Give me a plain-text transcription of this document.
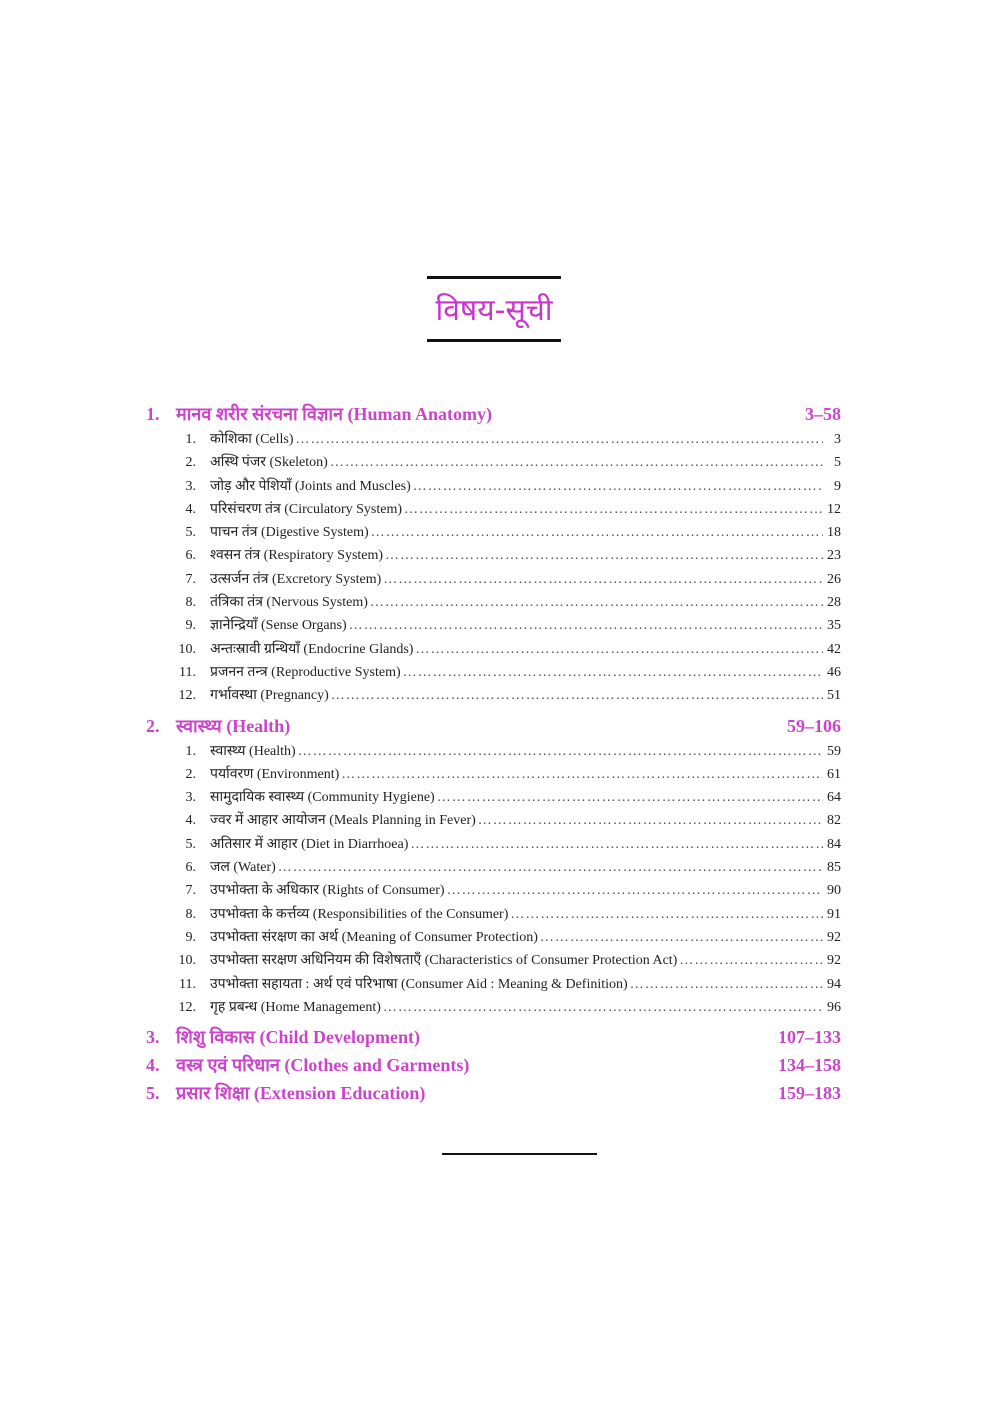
विषय-सूची
1. मानव शरीर संरचना विज्ञान (Human Anatomy)	3–58
1.	कोशिका (Cells) ………………………………………………………………………………………………………………………………………………………	3
2.	अस्थि पंजर (Skeleton) ………………………………………………………………………………………………………………………………………………………	5
3.	जोड़ और पेशियाँ (Joints and Muscles) ………………………………………………………………………………………………………………………………………………………	9
4.	परिसंचरण तंत्र (Circulatory System) ………………………………………………………………………………………………………………………………………………………	12
5.	पाचन तंत्र (Digestive System) ………………………………………………………………………………………………………………………………………………………	18
6.	श्वसन तंत्र (Respiratory System) ………………………………………………………………………………………………………………………………………………………	23
7.	उत्सर्जन तंत्र (Excretory System) ………………………………………………………………………………………………………………………………………………………	26
8.	तंत्रिका तंत्र (Nervous System) ………………………………………………………………………………………………………………………………………………………	28
9.	ज्ञानेन्द्रियाँ (Sense Organs) ………………………………………………………………………………………………………………………………………………………	35
10.	अन्तःस्रावी ग्रन्थियाँ (Endocrine Glands) ………………………………………………………………………………………………………………………………………………………	42
11.	प्रजनन तन्त्र (Reproductive System) ………………………………………………………………………………………………………………………………………………………	46
12.	गर्भावस्था (Pregnancy) ………………………………………………………………………………………………………………………………………………………	51
2. स्वास्थ्य (Health)	59–106
1.	स्वास्थ्य (Health) ………………………………………………………………………………………………………………………………………………………	59
2.	पर्यावरण (Environment) ………………………………………………………………………………………………………………………………………………………	61
3.	सामुदायिक स्वास्थ्य (Community Hygiene) ………………………………………………………………………………………………………………………………………………………	64
4.	ज्वर में आहार आयोजन (Meals Planning in Fever) ………………………………………………………………………………………………………………………………………………………	82
5.	अतिसार में आहार (Diet in Diarrhoea) ………………………………………………………………………………………………………………………………………………………	84
6.	जल (Water) ………………………………………………………………………………………………………………………………………………………	85
7.	उपभोक्ता के अधिकार (Rights of Consumer) ………………………………………………………………………………………………………………………………………………………	90
8.	उपभोक्ता के कर्त्तव्य (Responsibilities of the Consumer) ………………………………………………………………………………………………………………………………………………………	91
9.	उपभोक्ता संरक्षण का अर्थ (Meaning of Consumer Protection) ………………………………………………………………………………………………………………………………………………………	92
10.	उपभोक्ता सरक्षण अधिनियम की विशेषताएँ (Characteristics of Consumer Protection Act) ………………………………………………………………………………………………………………………………………………………	92
11.	उपभोक्ता सहायता : अर्थ एवं परिभाषा (Consumer Aid : Meaning & Definition) ………………………………………………………………………………………………………………………………………………………	94
12.	गृह प्रबन्ध (Home Management) ………………………………………………………………………………………………………………………………………………………	96
3. शिशु विकास (Child Development)	107–133
4. वस्त्र एवं परिधान (Clothes and Garments)	134–158
5. प्रसार शिक्षा (Extension Education)	159–183
